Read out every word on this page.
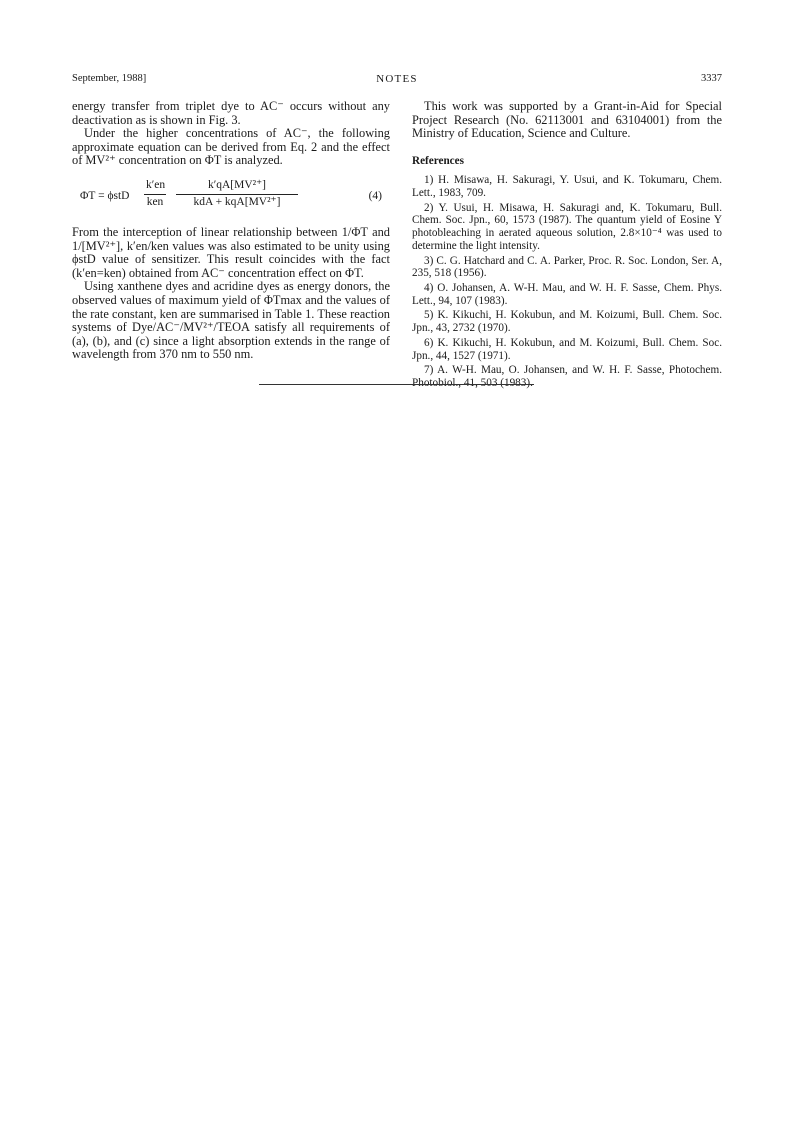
September, 1988]	NOTES	3337

energy transfer from triplet dye to AC⁻ occurs without any deactivation as is shown in Fig. 3.

Under the higher concentrations of AC⁻, the following approximate equation can be derived from Eq. 2 and the effect of MV²⁺ concentration on ΦT is analyzed.

ΦT = ϕstD
k′en
ken
k′qA[MV²⁺]
kdA + kqA[MV²⁺]	(4)

From the interception of linear relationship between 1/ΦT and 1/[MV²⁺], k′en/ken values was also estimated to be unity using ϕstD value of sensitizer. This result coincides with the fact (k′en=ken) obtained from AC⁻ concentration effect on ΦT.

Using xanthene dyes and acridine dyes as energy donors, the observed values of maximum yield of ΦTmax and the values of the rate constant, ken are summarised in Table 1. These reaction systems of Dye/AC⁻/MV²⁺/TEOA satisfy all requirements of (a), (b), and (c) since a light absorption extends in the range of wavelength from 370 nm to 550 nm.

This work was supported by a Grant-in-Aid for Special Project Research (No. 62113001 and 63104001) from the Ministry of Education, Science and Culture.

References
1) H. Misawa, H. Sakuragi, Y. Usui, and K. Tokumaru, Chem. Lett., 1983, 709.
2) Y. Usui, H. Misawa, H. Sakuragi and, K. Tokumaru, Bull. Chem. Soc. Jpn., 60, 1573 (1987). The quantum yield of Eosine Y photobleaching in aerated aqueous solution, 2.8×10⁻⁴ was used to determine the light intensity.
3) C. G. Hatchard and C. A. Parker, Proc. R. Soc. London, Ser. A, 235, 518 (1956).
4) O. Johansen, A. W-H. Mau, and W. H. F. Sasse, Chem. Phys. Lett., 94, 107 (1983).
5) K. Kikuchi, H. Kokubun, and M. Koizumi, Bull. Chem. Soc. Jpn., 43, 2732 (1970).
6) K. Kikuchi, H. Kokubun, and M. Koizumi, Bull. Chem. Soc. Jpn., 44, 1527 (1971).
7) A. W-H. Mau, O. Johansen, and W. H. F. Sasse, Photochem. Photobiol., 41, 503 (1983).
